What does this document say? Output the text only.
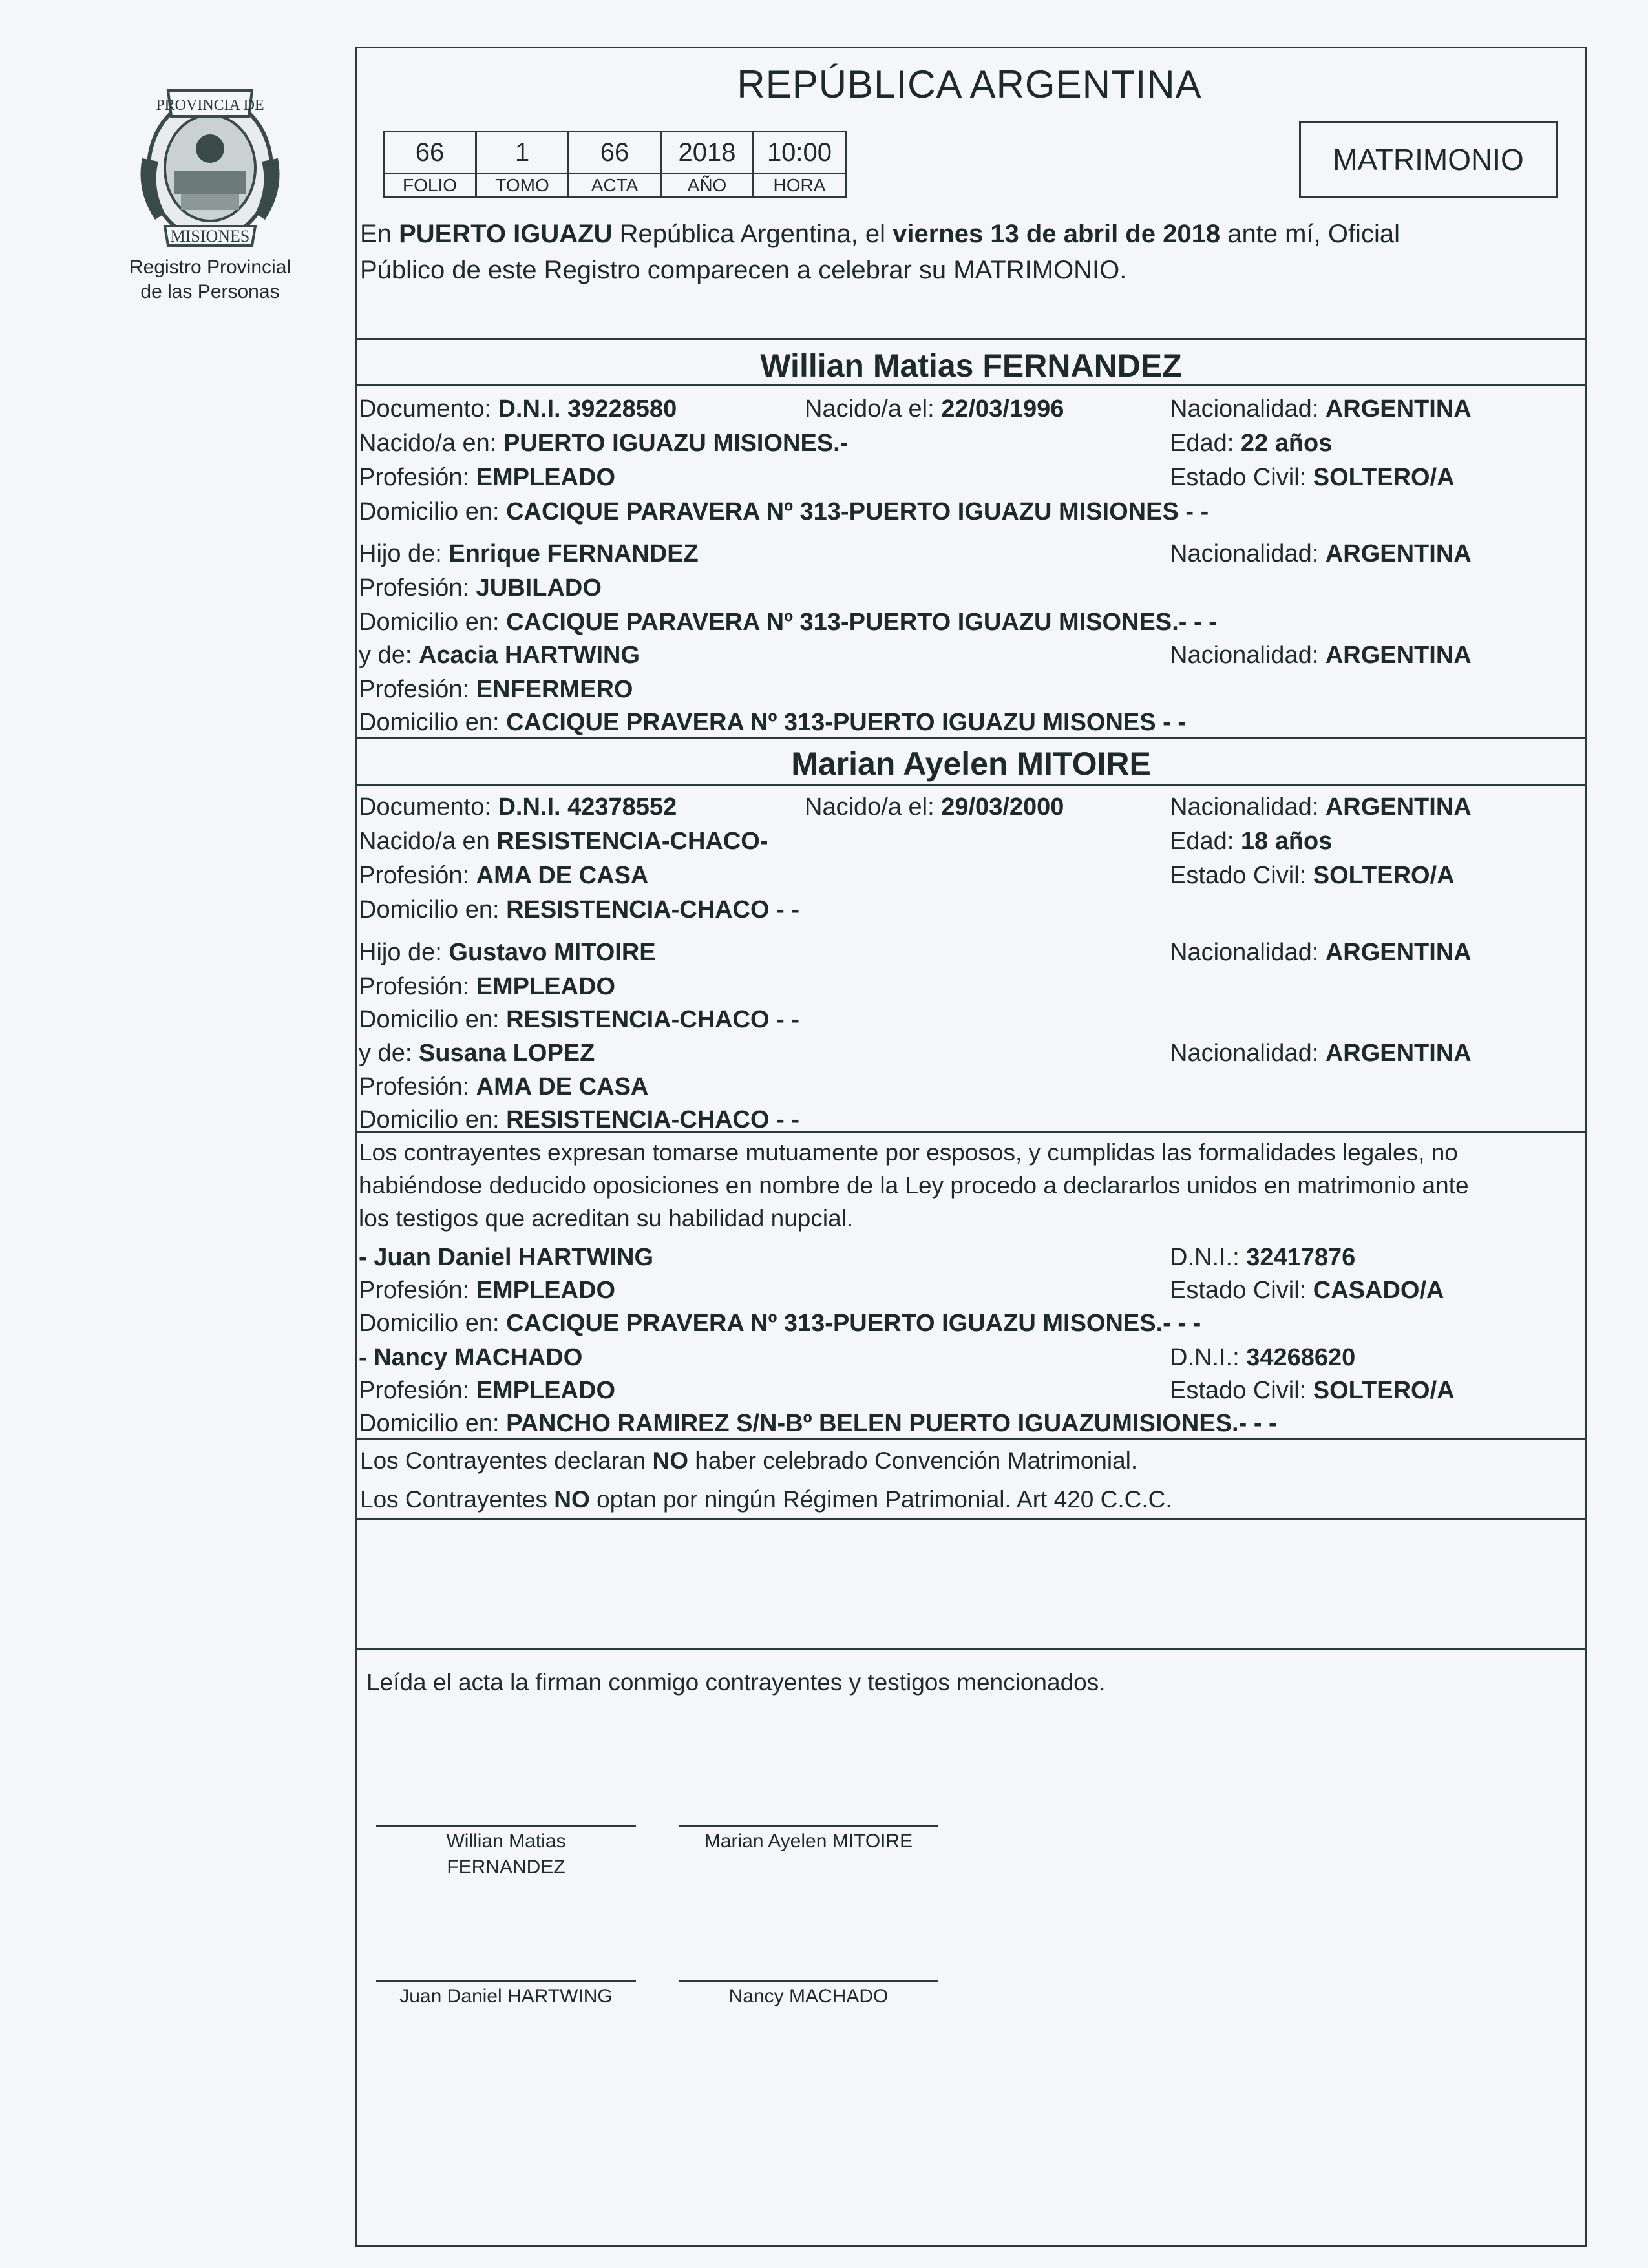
PROVINCIA DE
MISIONES
Registro Provincial
de las Personas
REPÚBLICA ARGENTINA
66	1	66	2018	10:00
FOLIO	TOMO	ACTA	AÑO	HORA
MATRIMONIO
En PUERTO IGUAZU República Argentina, el viernes 13 de abril de 2018 ante mí, Oficial
Público de este Registro comparecen a celebrar su MATRIMONIO.
Willian Matias FERNANDEZ
Documento: D.N.I. 39228580	Nacido/a el: 22/03/1996	Nacionalidad: ARGENTINA
Nacido/a en: PUERTO IGUAZU MISIONES.-	Edad: 22 años
Profesión: EMPLEADO	Estado Civil: SOLTERO/A
Domicilio en: CACIQUE PARAVERA Nº 313-PUERTO IGUAZU MISIONES - -
Hijo de: Enrique FERNANDEZ	Nacionalidad: ARGENTINA
Profesión: JUBILADO
Domicilio en: CACIQUE PARAVERA Nº 313-PUERTO IGUAZU MISONES.- - -
y de: Acacia HARTWING	Nacionalidad: ARGENTINA
Profesión: ENFERMERO
Domicilio en: CACIQUE PRAVERA Nº 313-PUERTO IGUAZU MISONES - -
Marian Ayelen MITOIRE
Documento: D.N.I. 42378552	Nacido/a el: 29/03/2000	Nacionalidad: ARGENTINA
Nacido/a en RESISTENCIA-CHACO-	Edad: 18 años
Profesión: AMA DE CASA	Estado Civil: SOLTERO/A
Domicilio en: RESISTENCIA-CHACO - -
Hijo de: Gustavo MITOIRE	Nacionalidad: ARGENTINA
Profesión: EMPLEADO
Domicilio en: RESISTENCIA-CHACO - -
y de: Susana LOPEZ	Nacionalidad: ARGENTINA
Profesión: AMA DE CASA
Domicilio en: RESISTENCIA-CHACO - -
Los contrayentes expresan tomarse mutuamente por esposos, y cumplidas las formalidades legales, no
habiéndose deducido oposiciones en nombre de la Ley procedo a declararlos unidos en matrimonio ante
los testigos que acreditan su habilidad nupcial.
- Juan Daniel HARTWING	D.N.I.: 32417876
Profesión: EMPLEADO	Estado Civil: CASADO/A
Domicilio en: CACIQUE PRAVERA Nº 313-PUERTO IGUAZU MISONES.- - -
- Nancy MACHADO	D.N.I.: 34268620
Profesión: EMPLEADO	Estado Civil: SOLTERO/A
Domicilio en: PANCHO RAMIREZ S/N-Bº BELEN PUERTO IGUAZUMISIONES.- - -
Los Contrayentes declaran NO haber celebrado Convención Matrimonial.
Los Contrayentes NO optan por ningún Régimen Patrimonial. Art 420 C.C.C.
Leída el acta la firman conmigo contrayentes y testigos mencionados.
Willian Matias
FERNANDEZ
Marian Ayelen MITOIRE
Juan Daniel HARTWING	Nancy MACHADO
